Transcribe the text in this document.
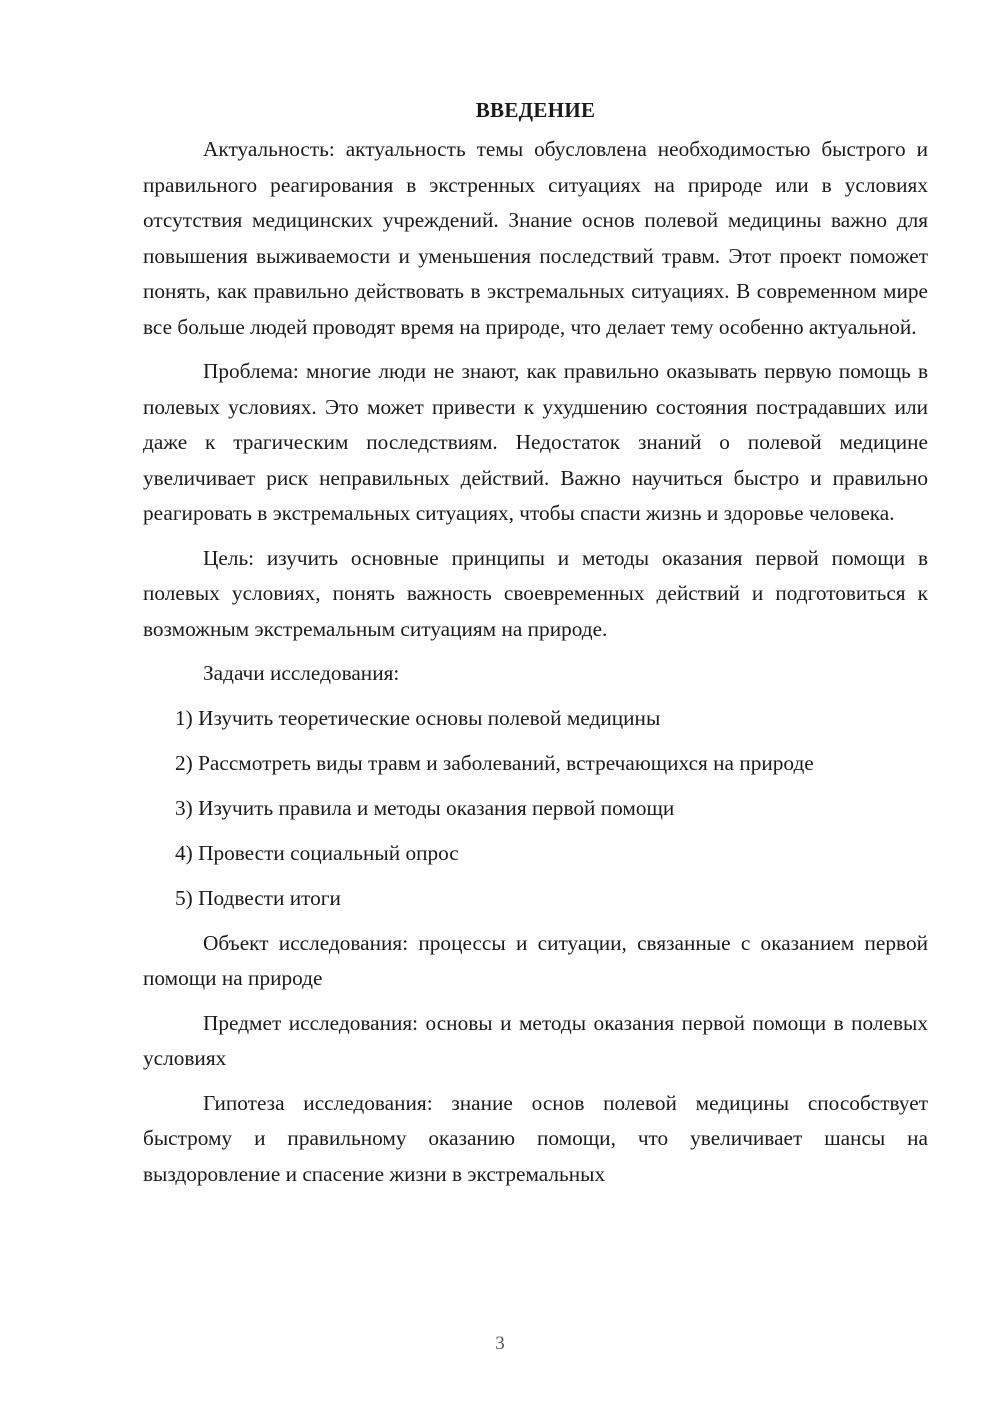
ВВЕДЕНИЕ

Актуальность: актуальность темы обусловлена необходимостью быстрого и правильного реагирования в экстренных ситуациях на природе или в условиях отсутствия медицинских учреждений. Знание основ полевой медицины важно для повышения выживаемости и уменьшения последствий травм. Этот проект поможет понять, как правильно действовать в экстремальных ситуациях. В современном мире все больше людей проводят время на природе, что делает тему особенно актуальной.

Проблема: многие люди не знают, как правильно оказывать первую помощь в полевых условиях. Это может привести к ухудшению состояния пострадавших или даже к трагическим последствиям. Недостаток знаний о полевой медицине увеличивает риск неправильных действий. Важно научиться быстро и правильно реагировать в экстремальных ситуациях, чтобы спасти жизнь и здоровье человека.

Цель: изучить основные принципы и методы оказания первой помощи в полевых условиях, понять важность своевременных действий и подготовиться к возможным экстремальным ситуациям на природе.

Задачи исследования:

1) Изучить теоретические основы полевой медицины
2) Рассмотреть виды травм и заболеваний, встречающихся на природе
3) Изучить правила и методы оказания первой помощи
4) Провести социальный опрос
5) Подвести итоги

Объект исследования: процессы и ситуации, связанные с оказанием первой помощи на природе

Предмет исследования: основы и методы оказания первой помощи в полевых условиях

Гипотеза исследования: знание основ полевой медицины способствует быстрому и правильному оказанию помощи, что увеличивает шансы на выздоровление и спасение жизни в экстремальных

3
